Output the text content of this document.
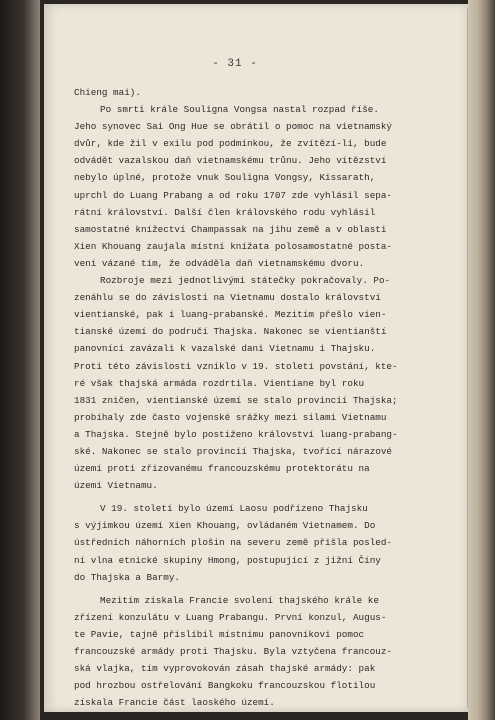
- 31 -

Chieng mai).

Po smrti krále Souligna Vongsa nastal rozpad říše.
Jeho synovec Sai Ong Hue se obrátil o pomoc na vietnamský
dvůr, kde žil v exilu pod podmínkou, že zvítězí-li, bude
odvádět vazalskou daň vietnamskému trůnu. Jeho vítězství
nebylo úplné, protože vnuk Souligna Vongsy, Kissarath,
uprchl do Luang Prabang a od roku 1707 zde vyhlásil sepa-
rátní království. Další člen královského rodu vyhlásil
samostatné knížectví Champassak na jihu země a v oblasti
Xien Khouang zaujala místní knížata polosamostatné posta-
vení vázané tím, že odváděla daň vietnamskému dvoru.

Rozbroje mezi jednotlivými státečky pokračovaly. Po-
zenáhlu se do závislosti na Vietnamu dostalo království
vientianské, pak i luang-prabanské. Mezitím přešlo vien-
tianské území do područí Thajska. Nakonec se vientianští
panovníci zavázali k vazalské dani Vietnamu i Thajsku.
Proti této závislosti vzniklo v 19. století povstání, kte-
ré však thajská armáda rozdrtila. Vientiane byl roku
1831 zničen, vientianské území se stalo provincií Thajska;
probíhaly zde často vojenské srážky mezi silami Vietnamu
a Thajska. Stejně bylo postiženo království luang-prabang-
ské. Nakonec se stalo provincií Thajska, tvořící nárazové
území proti zřizovanému francouzskému protektorátu na
území Vietnamu.

V 19. století bylo území Laosu podřízeno Thajsku
s výjimkou území Xien Khouang, ovládaném Vietnamem. Do
ústředních náhorních plošin na severu země přišla posled-
ní vlna etnické skupiny Hmong, postupující z jižní Číny
do Thajska a Barmy.

Mezitím získala Francie svolení thajského krále ke
zřízení konzulátu v Luang Prabangu. První konzul, Augus-
te Pavie, tajně přislíbil místnímu panovníkovi pomoc
francouzské armády proti Thajsku. Byla vztyčena francouz-
ská vlajka, tím vyprovokován zásah thajské armády: pak
pod hrozbou ostřelování Bangkoku francouzskou flotilou
získala Francie část laoského území.
